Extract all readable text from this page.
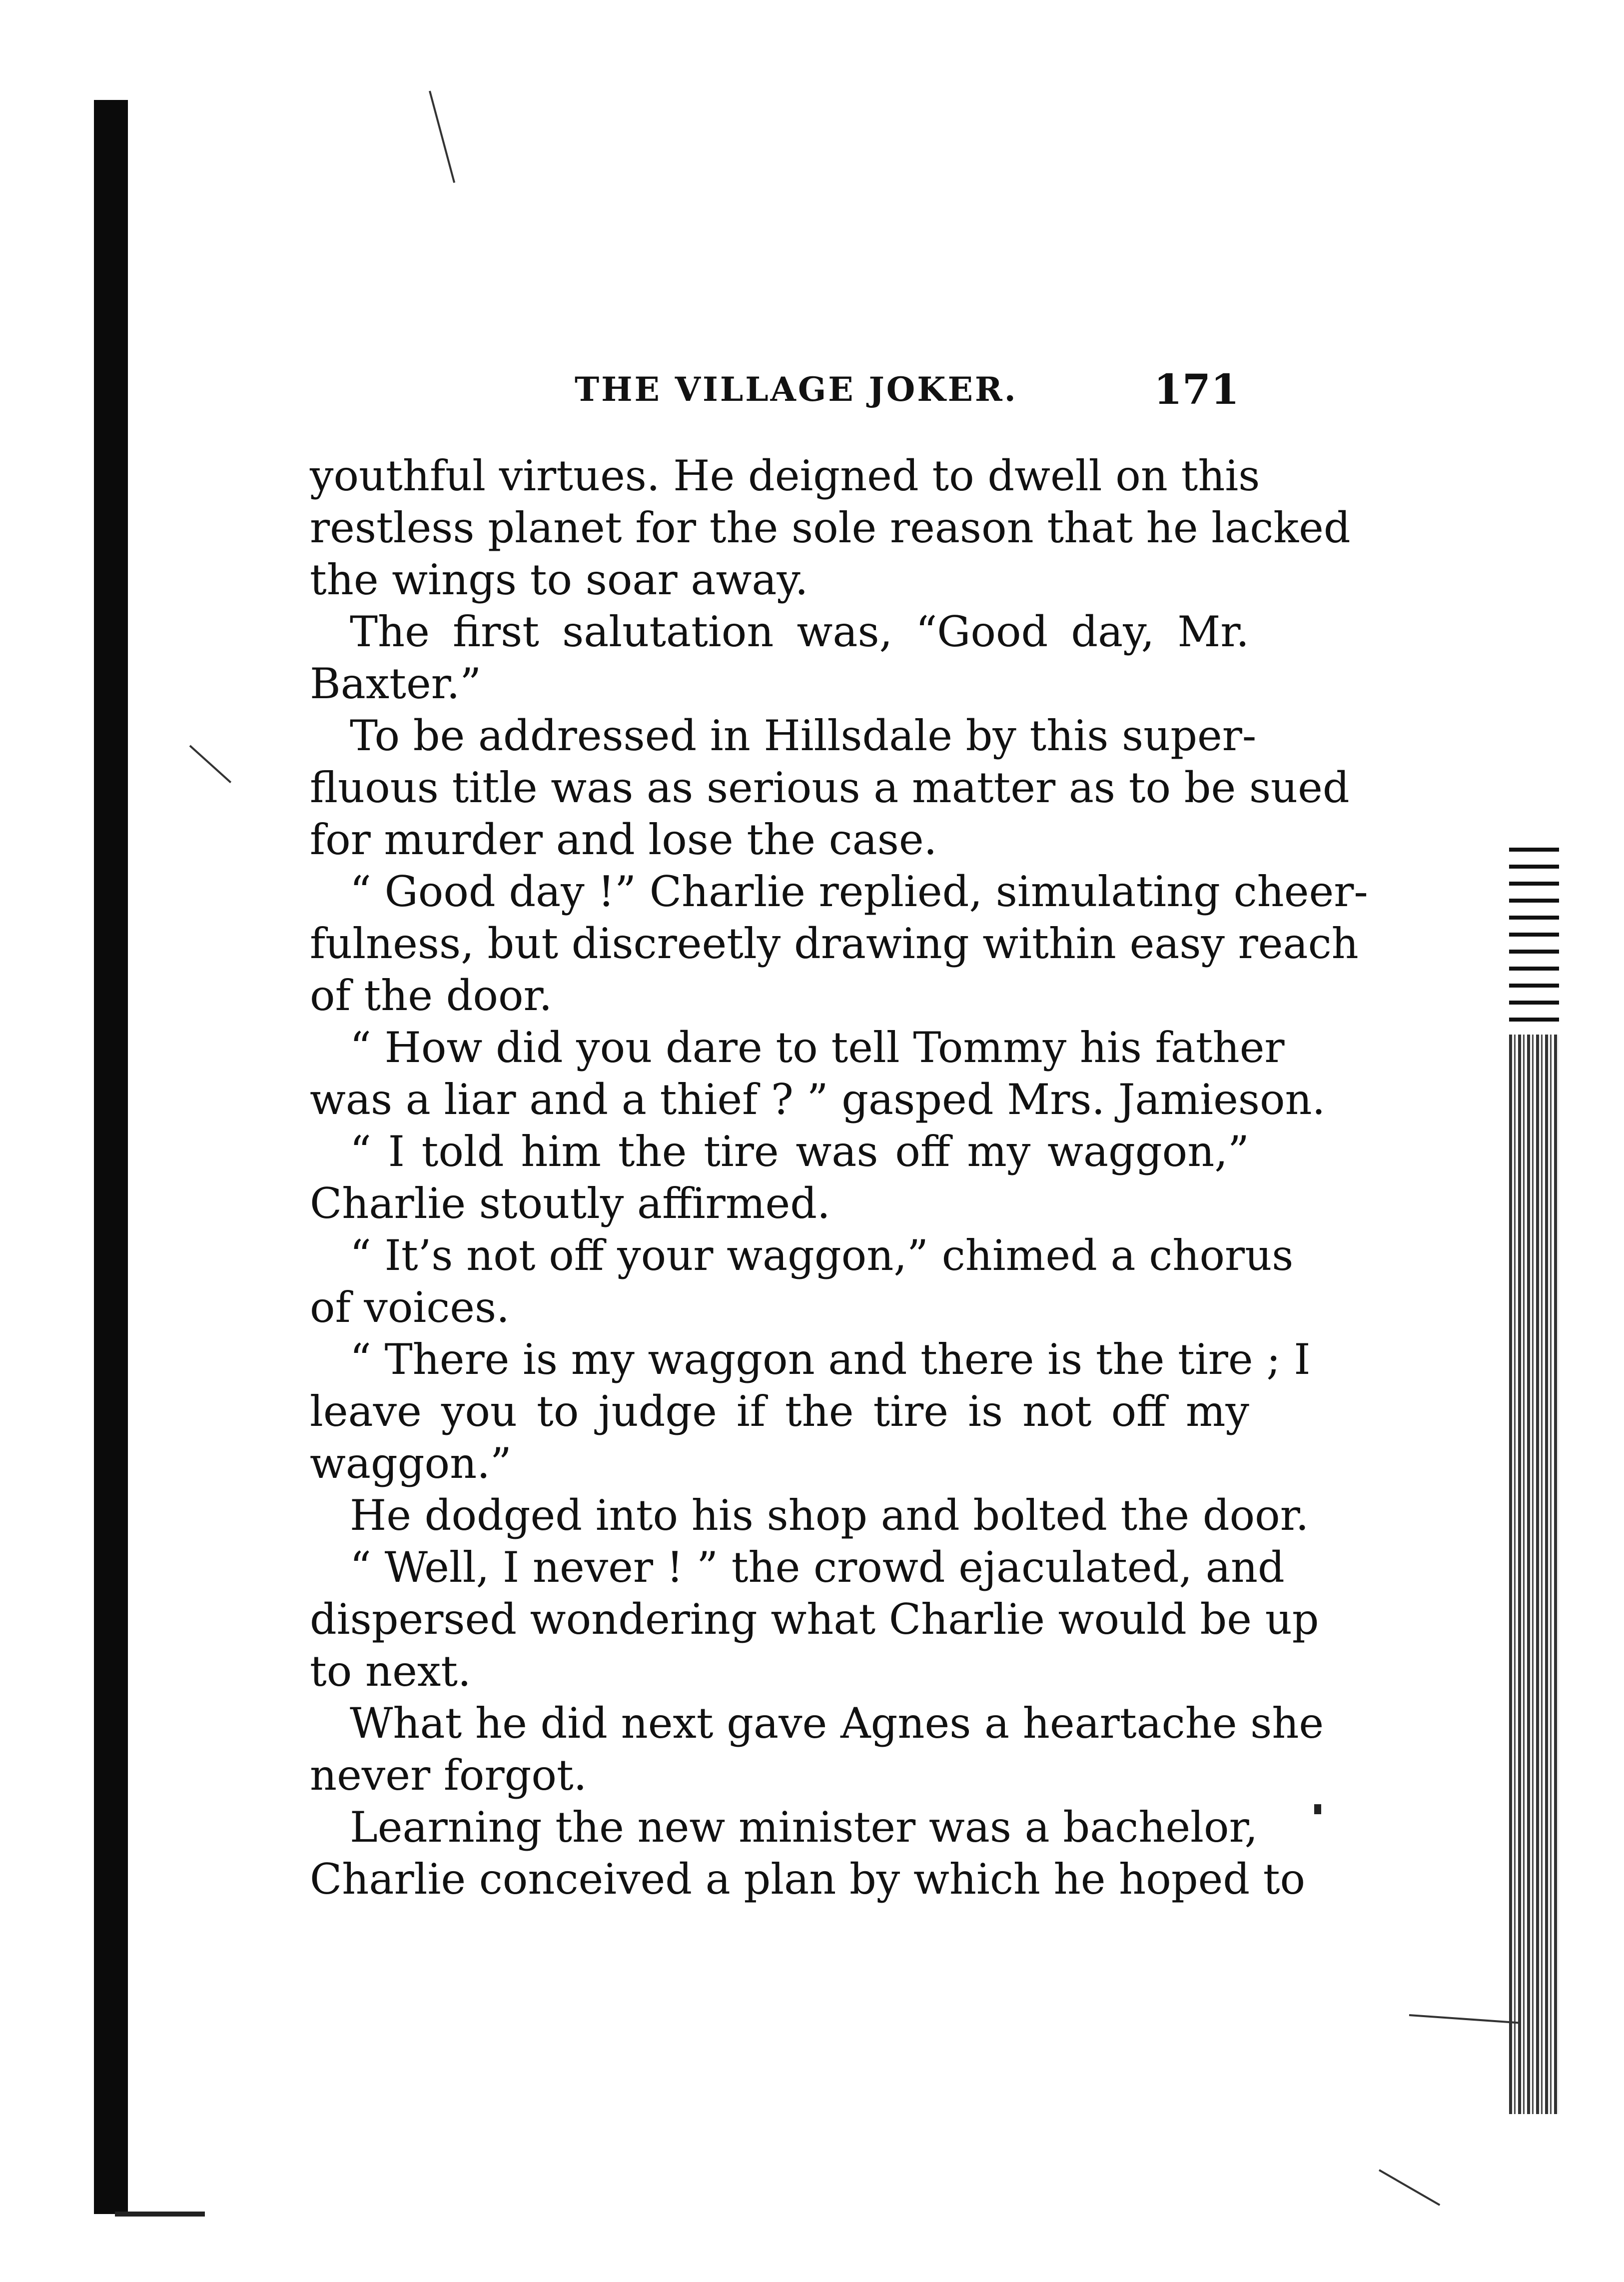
THE VILLAGE JOKER.	171
youthful virtues. He deigned to dwell on this
restless planet for the sole reason that he lacked
the wings to soar away.
The first salutation was, “Good day, Mr.
Baxter.”
To be addressed in Hillsdale by this super-
fluous title was as serious a matter as to be sued
for murder and lose the case.
“ Good day !” Charlie replied, simulating cheer-
fulness, but discreetly drawing within easy reach
of the door.
“ How did you dare to tell Tommy his father
was a liar and a thief ? ” gasped Mrs. Jamieson.
“ I told him the tire was off my waggon,”
Charlie stoutly affirmed.
“ It’s not off your waggon,” chimed a chorus
of voices.
“ There is my waggon and there is the tire ; I
leave you to judge if the tire is not off my
waggon.”
He dodged into his shop and bolted the door.
“ Well, I never ! ” the crowd ejaculated, and
dispersed wondering what Charlie would be up
to next.
What he did next gave Agnes a heartache she
never forgot.
Learning the new minister was a bachelor,
Charlie conceived a plan by which he hoped to
